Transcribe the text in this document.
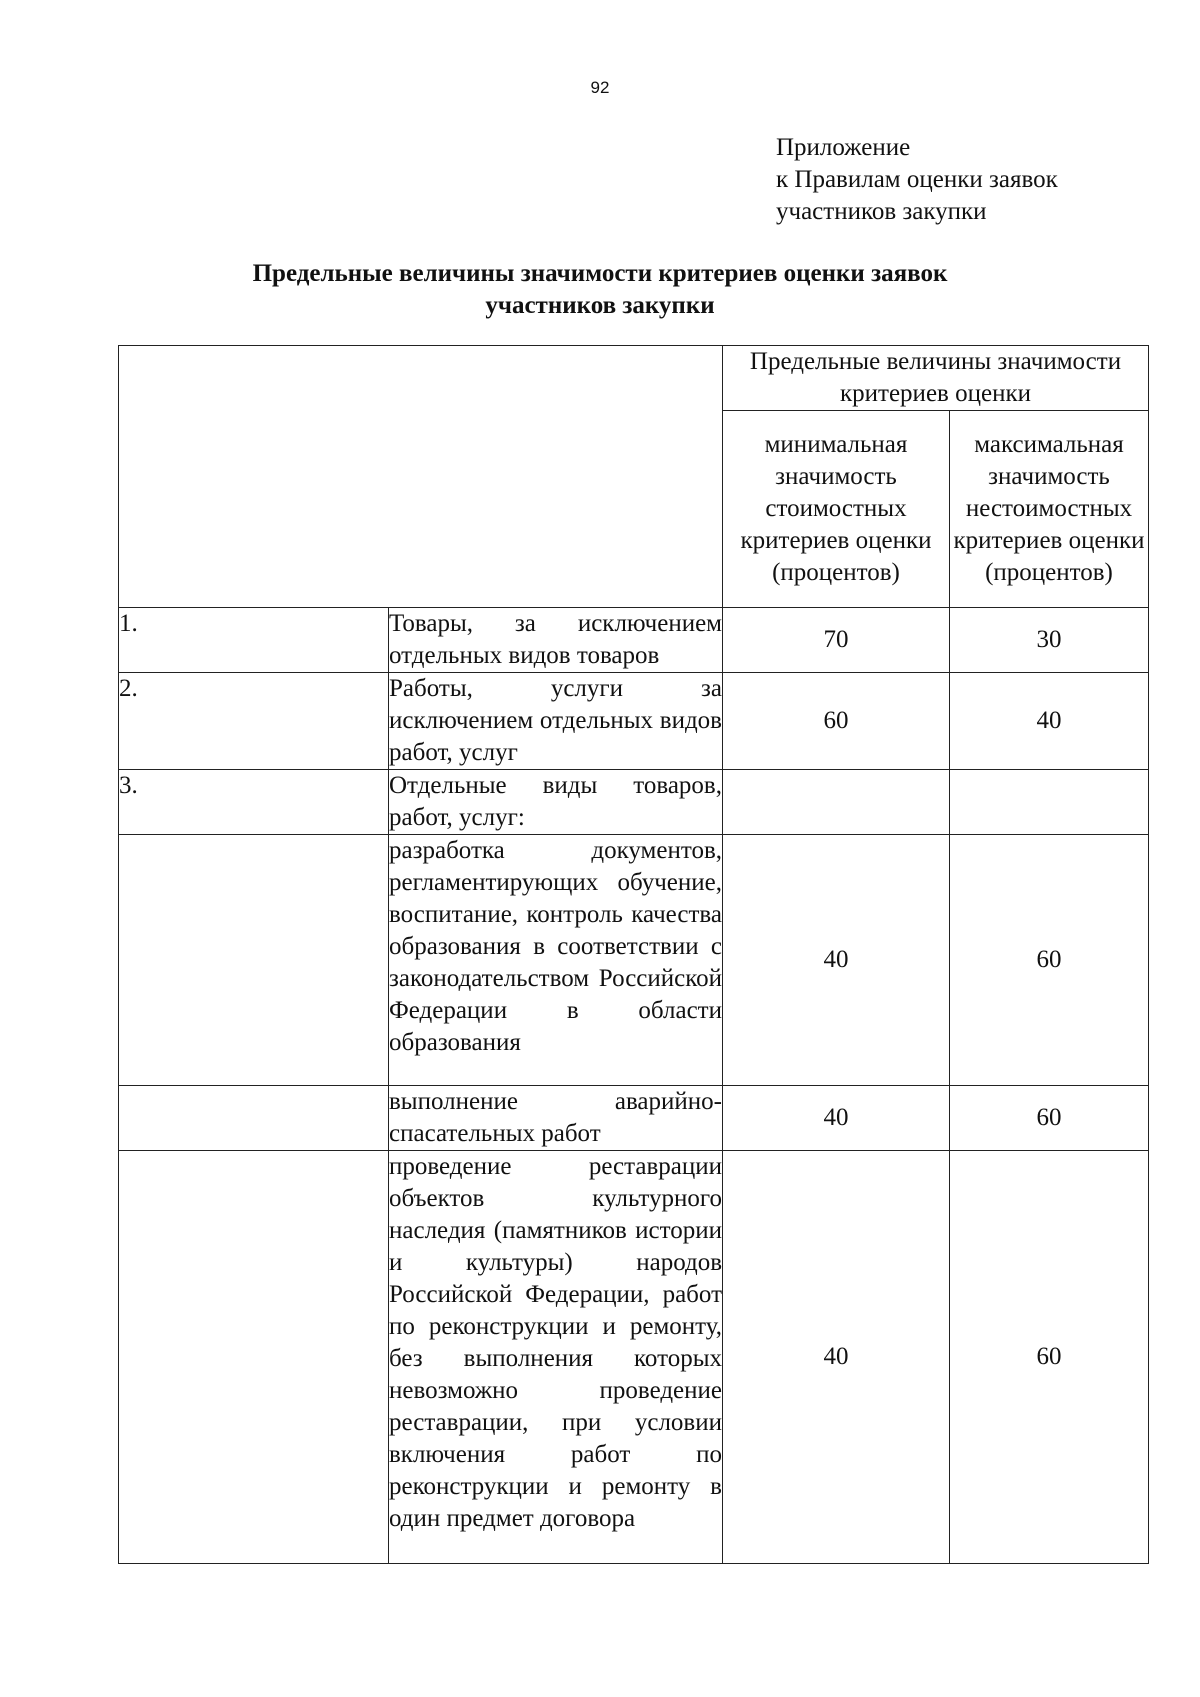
92
Приложение
к Правилам оценки заявок
участников закупки
Предельные величины значимости критериев оценки заявок
участников закупки
		Предельные величины значимости критериев оценки	
		минимальная значимость стоимостных критериев оценки (процентов)	максимальная значимость нестоимостных критериев оценки (процентов)
1.	Товары, за исключением отдельных видов товаров	70	30
2.	Работы, услуги за исключением отдельных видов работ, услуг	60	40
3.	Отдельные виды товаров, работ, услуг:		
	разработка документов, регламентирующих обучение, воспитание, контроль качества образования в соответствии с законодательством Российской Федерации в области образования	40	60
	выполнение аварийно-спасательных работ	40	60
	проведение реставрации объектов культурного наследия (памятников истории и культуры) народов Российской Федерации, работ по реконструкции и ремонту, без выполнения которых невозможно проведение реставрации, при условии включения работ по реконструкции и ремонту в один предмет договора	40	60
